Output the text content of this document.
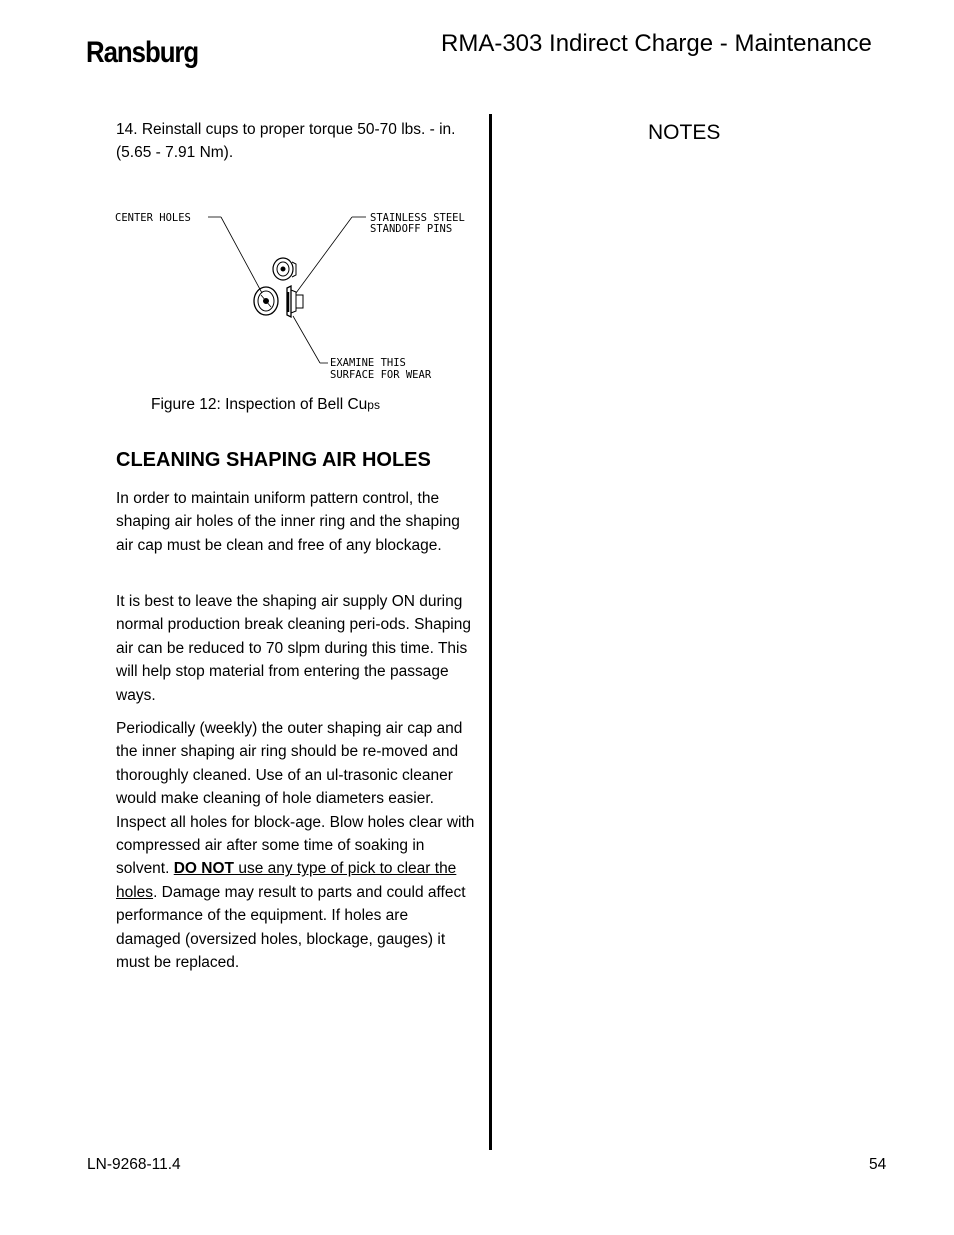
Ransburg	RMA-303 Indirect Charge - Maintenance
14. Reinstall cups to proper torque 50-70 lbs. - in. (5.65 - 7.91 Nm).
CENTER HOLES	STAINLESS STEEL
STANDOFF PINS
EXAMINE THIS
SURFACE FOR WEAR
Figure 12: Inspection of Bell Cups
CLEANING SHAPING AIR HOLES
In order to maintain uniform pattern control, the shaping air holes of the inner ring and the shaping air cap must be clean and free of any blockage.
It is best to leave the shaping air supply ON during normal production break cleaning peri-ods. Shaping air can be reduced to 70 slpm during this time. This will help stop material from entering the passage ways.
Periodically (weekly) the outer shaping air cap and the inner shaping air ring should be re-moved and thoroughly cleaned. Use of an ul-trasonic cleaner would make cleaning of hole diameters easier. Inspect all holes for block-age. Blow holes clear with compressed air after some time of soaking in solvent. DO NOT use any type of pick to clear the holes. Damage may result to parts and could affect performance of the equipment. If holes are damaged (oversized holes, blockage, gauges) it must be replaced.
NOTES
LN-9268-11.4	54
